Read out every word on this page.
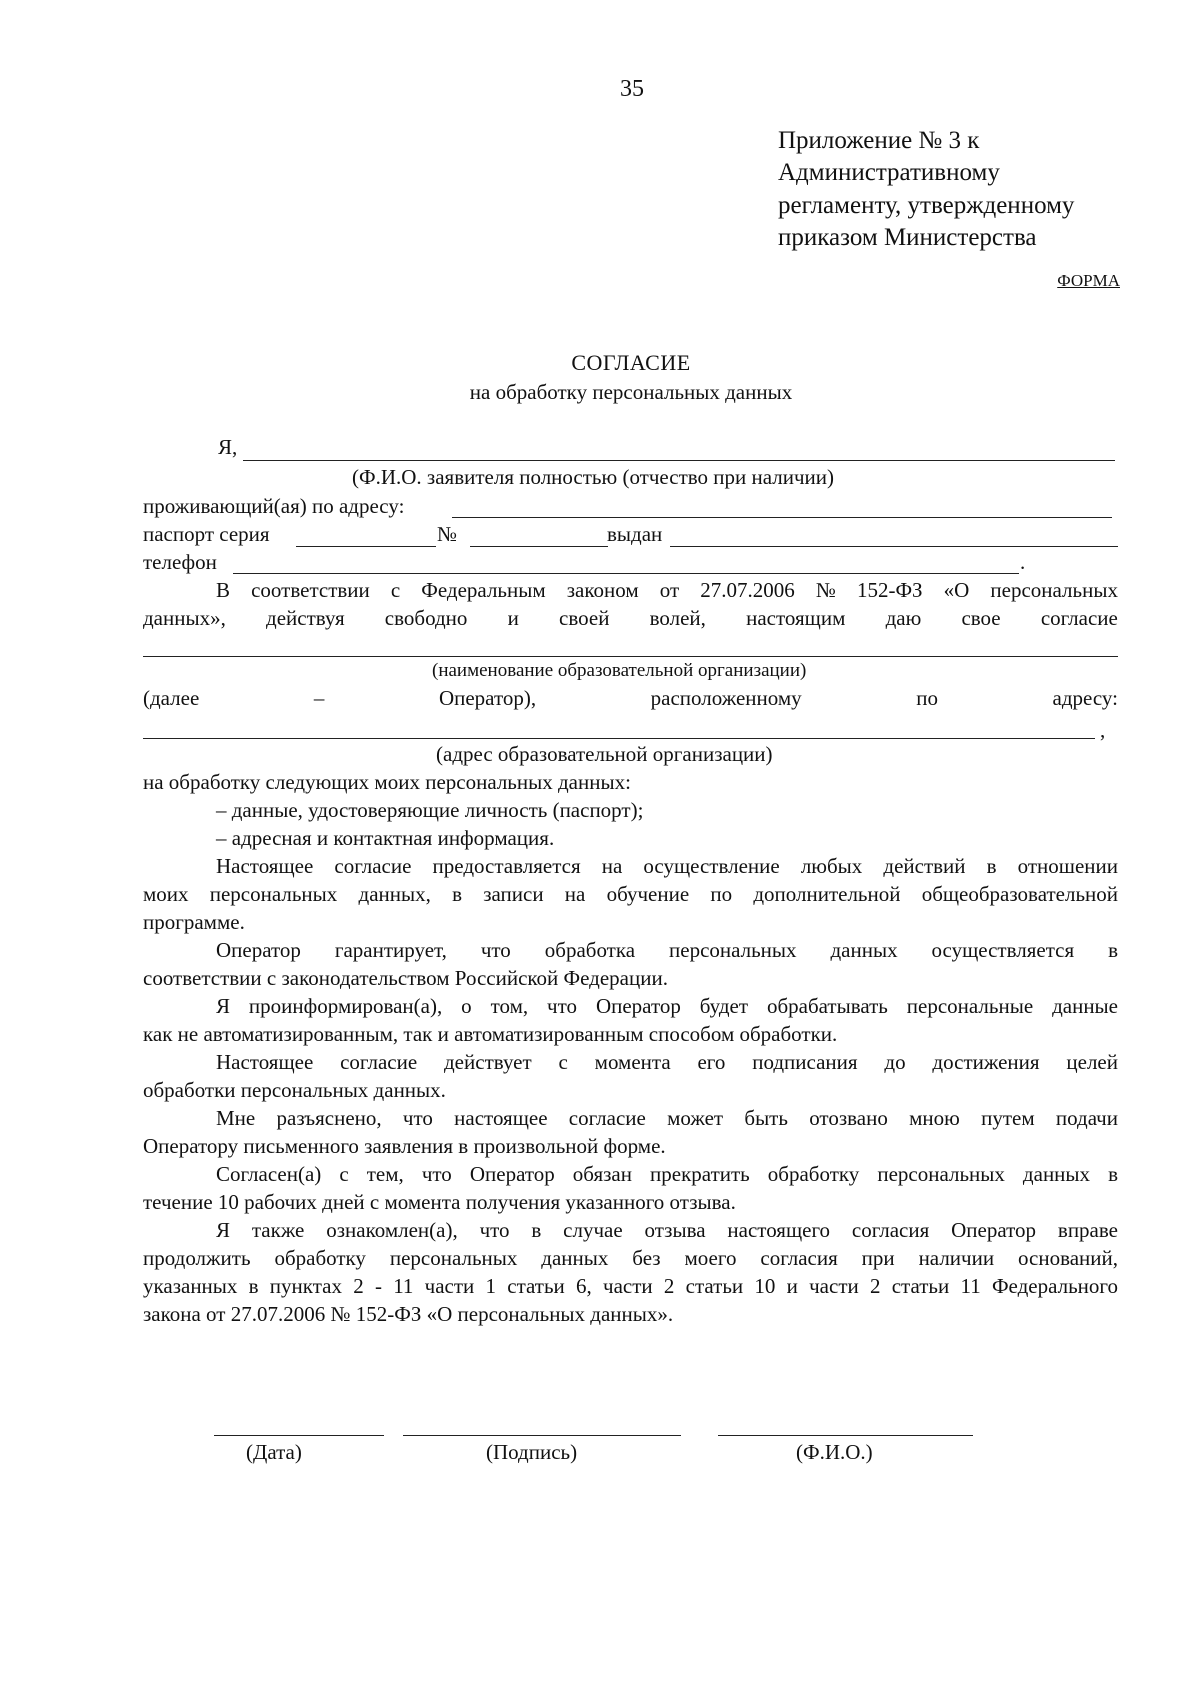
35
Приложение № 3 к
Административному
регламенту, утвержденному
приказом Министерства
ФОРМА
СОГЛАСИЕ
на обработку персональных данных
Я,
(Ф.И.О. заявителя полностью (отчество при наличии)
проживающий(ая) по адресу:
паспорт серия	№	выдан
телефон	.
В соответствии с Федеральным законом от 27.07.2006 № 152-ФЗ «О персональных
данных», действуя свободно и своей волей, настоящим даю свое согласие
(наименование образовательной организации)
(далее	–	Оператор),	расположенному	по	адресу:
,
(адрес образовательной организации)
на обработку следующих моих персональных данных:
– данные, удостоверяющие личность (паспорт);
– адресная и контактная информация.
Настоящее согласие предоставляется на осуществление любых действий в отношении
моих персональных данных, в записи на обучение по дополнительной общеобразовательной
программе.
Оператор гарантирует, что обработка персональных данных осуществляется в
соответствии с законодательством Российской Федерации.
Я проинформирован(а), о том, что Оператор будет обрабатывать персональные данные
как не автоматизированным, так и автоматизированным способом обработки.
Настоящее согласие действует с момента его подписания до достижения целей
обработки персональных данных.
Мне разъяснено, что настоящее согласие может быть отозвано мною путем подачи
Оператору письменного заявления в произвольной форме.
Согласен(а) с тем, что Оператор обязан прекратить обработку персональных данных в
течение 10 рабочих дней с момента получения указанного отзыва.
Я также ознакомлен(а), что в случае отзыва настоящего согласия Оператор вправе
продолжить обработку персональных данных без моего согласия при наличии оснований,
указанных в пунктах 2 - 11 части 1 статьи 6, части 2 статьи 10 и части 2 статьи 11 Федерального
закона от 27.07.2006 № 152-ФЗ «О персональных данных».
(Дата)	(Подпись)	(Ф.И.О.)
